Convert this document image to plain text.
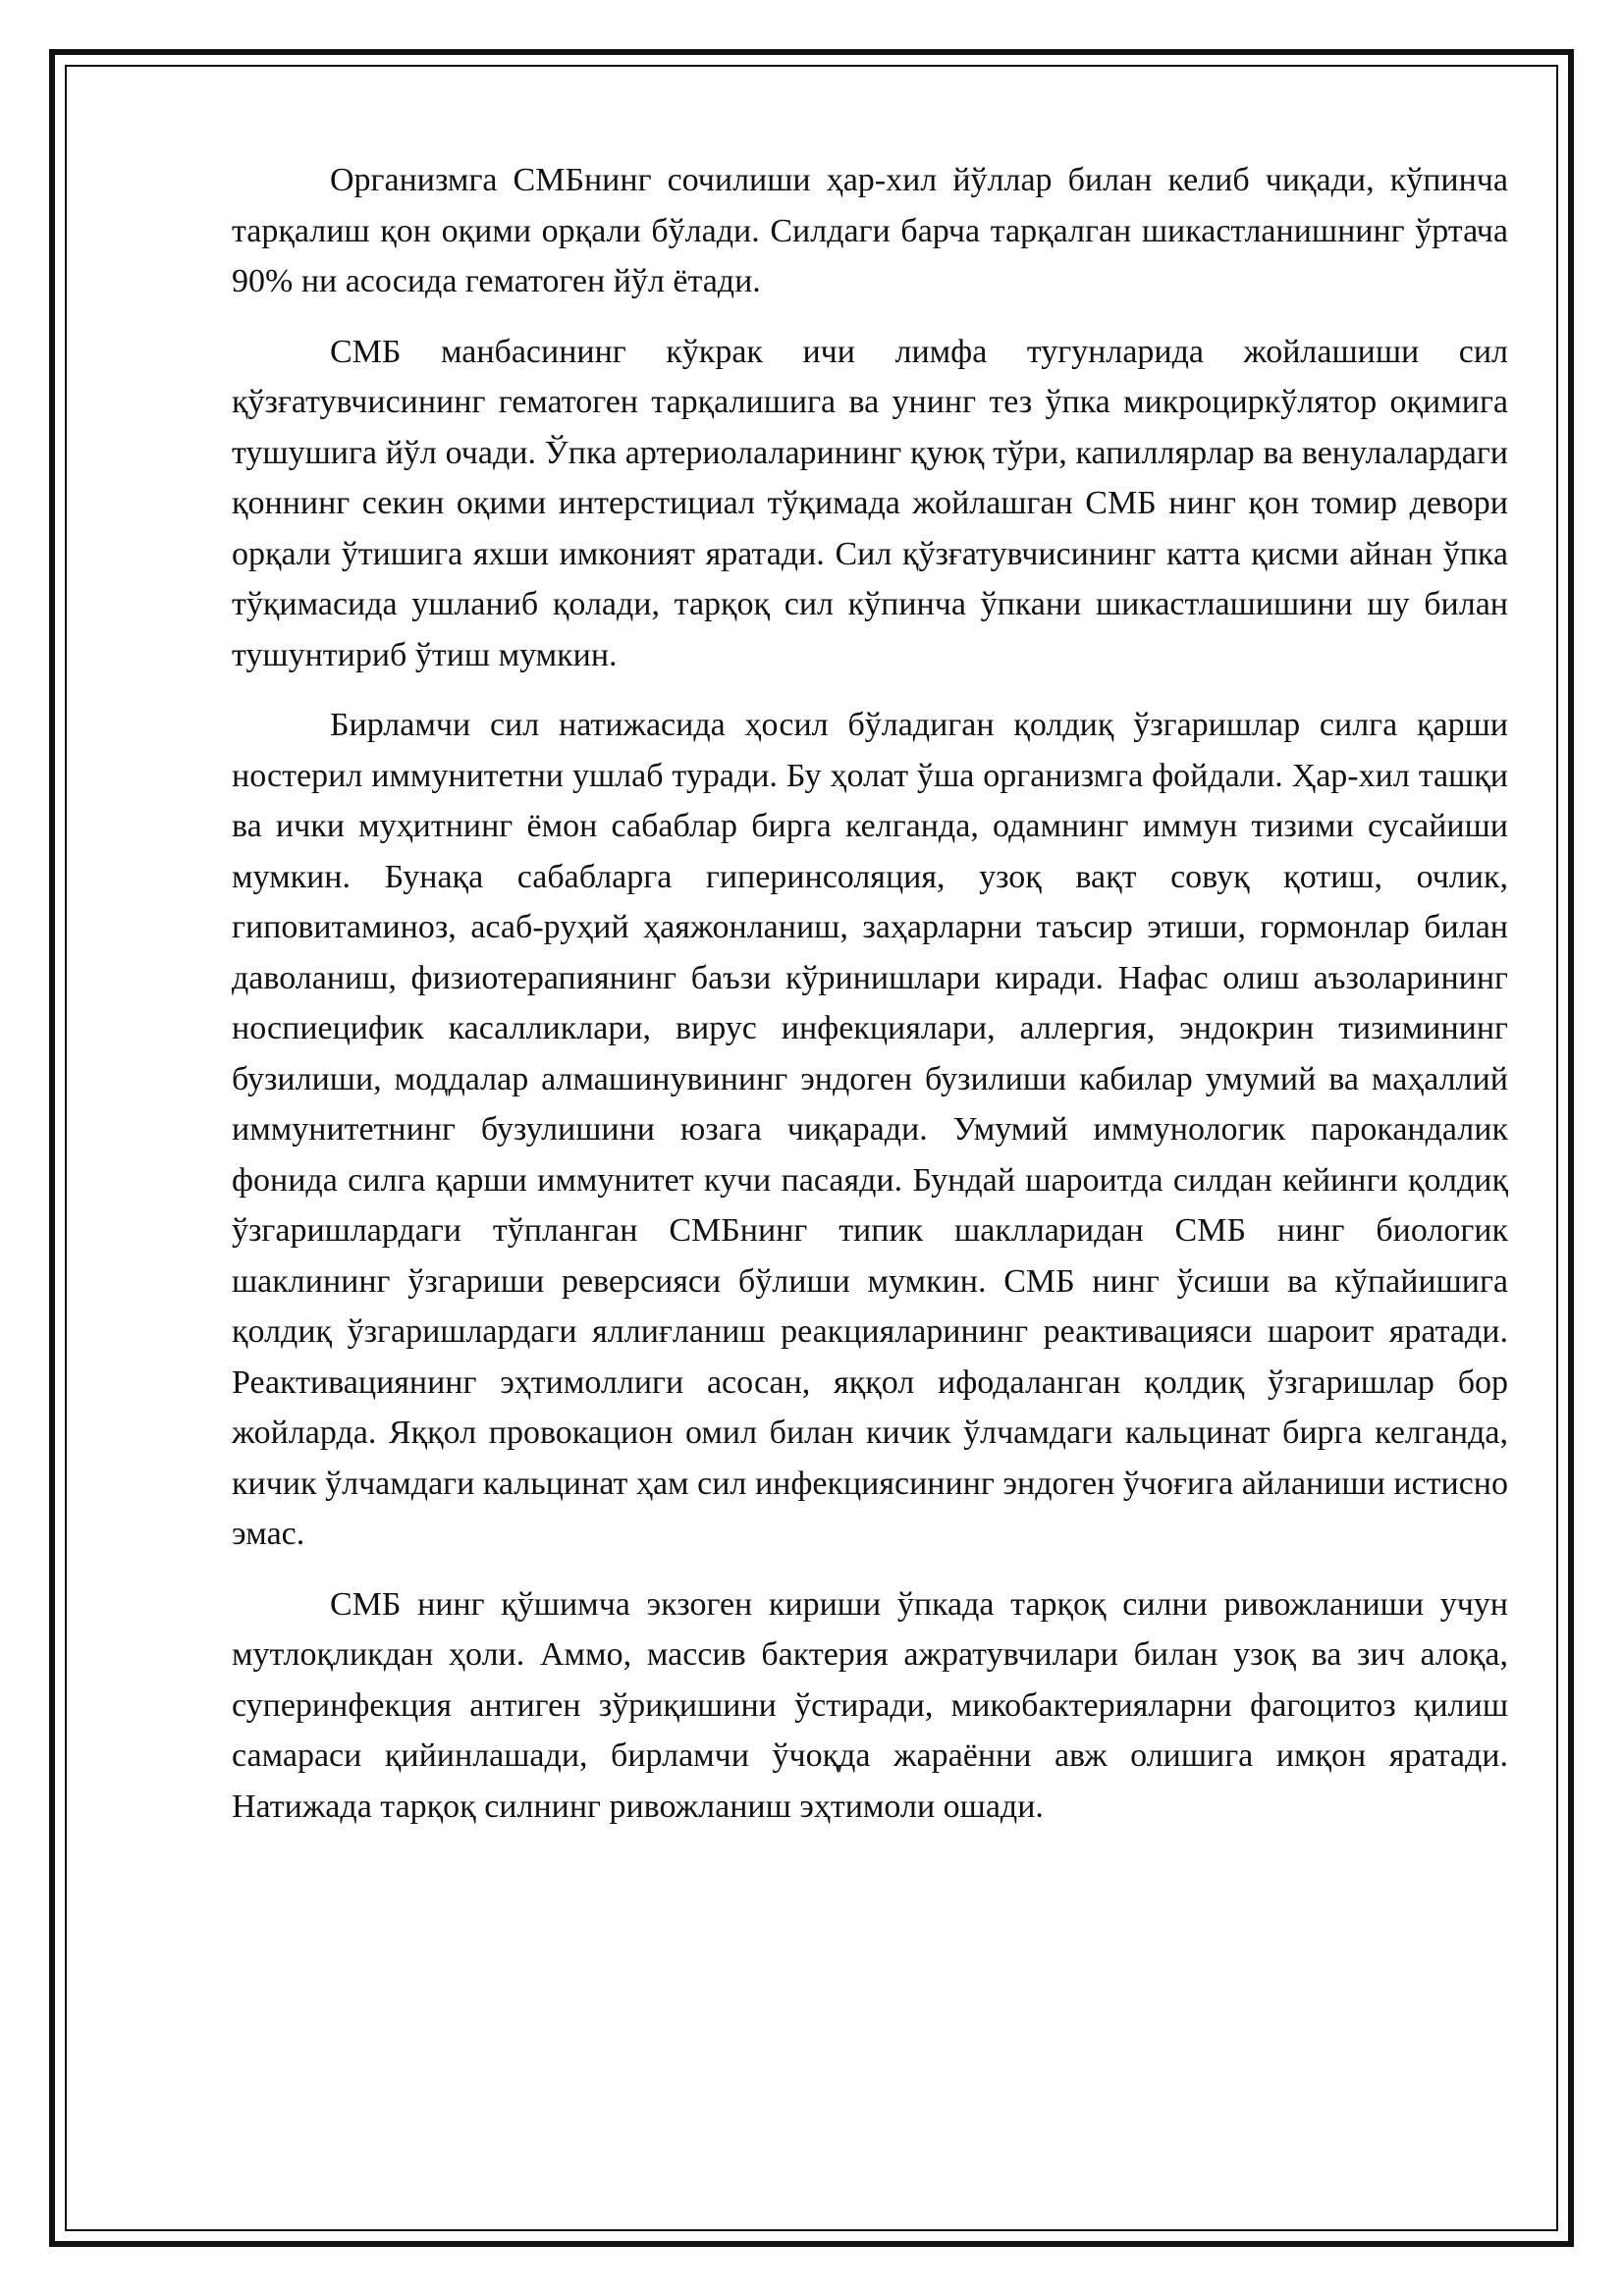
Организмга СМБнинг сочилиши ҳар-хил йўллар билан келиб чиқади, кўпинча тарқалиш қон оқими орқали бўлади. Силдаги барча тарқалган шикастланишнинг ўртача 90% ни асосида гематоген йўл ётади.

СМБ манбасининг кўкрак ичи лимфа тугунларида жойлашиши сил қўзғатувчисининг гематоген тарқалишига ва унинг тез ўпка микроциркўлятор оқимига тушушига йўл очади. Ўпка артериолаларининг қуюқ тўри, капиллярлар ва венулалардаги қоннинг секин оқими интерстициал тўқимада жойлашган СМБ нинг қон томир девори орқали ўтишига яхши имконият яратади. Сил қўзғатувчисининг катта қисми айнан ўпка тўқимасида ушланиб қолади, тарқоқ сил кўпинча ўпкани шикастлашишини шу билан тушунтириб ўтиш мумкин.

Бирламчи сил натижасида ҳосил бўладиган қолдиқ ўзгаришлар силга қарши ностерил иммунитетни ушлаб туради. Бу ҳолат ўша организмга фойдали. Ҳар-хил ташқи ва ички муҳитнинг ёмон сабаблар бирга келганда, одамнинг иммун тизими сусайиши мумкин. Бунақа сабабларга гиперинсоляция, узоқ вақт совуқ қотиш, очлик, гиповитаминоз, асаб-руҳий ҳаяжонланиш, заҳарларни таъсир этиши, гормонлар билан даволаниш, физиотерапиянинг баъзи кўринишлари киради. Нафас олиш аъзоларининг носпиецифик касалликлари, вирус инфекциялари, аллергия, эндокрин тизимининг бузилиши, моддалар алмашинувининг эндоген бузилиши кабилар умумий ва маҳаллий иммунитетнинг бузулишини юзага чиқаради. Умумий иммунологик парокандалик фонида силга қарши иммунитет кучи пасаяди. Бундай шароитда силдан кейинги қолдиқ ўзгаришлардаги тўпланган СМБнинг типик шаклларидан СМБ нинг биологик шаклининг ўзгариши реверсияси бўлиши мумкин. СМБ нинг ўсиши ва кўпайишига қолдиқ ўзгаришлардаги яллиғланиш реакцияларининг реактивацияси шароит яратади. Реактивациянинг эҳтимоллиги асосан, яққол ифодаланган қолдиқ ўзгаришлар бор жойларда. Яққол провокацион омил билан кичик ўлчамдаги кальцинат бирга келганда, кичик ўлчамдаги кальцинат ҳам сил инфекциясининг эндоген ўчоғига айланиши истисно эмас.

СМБ нинг қўшимча экзоген кириши ўпкада тарқоқ силни ривожланиши учун мутлоқликдан ҳоли. Аммо, массив бактерия ажратувчилари билан узоқ ва зич алоқа, суперинфекция антиген зўриқишини ўстиради, микобактерияларни фагоцитоз қилиш самараси қийинлашади, бирламчи ўчоқда жараённи авж олишига имқон яратади. Натижада тарқоқ силнинг ривожланиш эҳтимоли ошади.
